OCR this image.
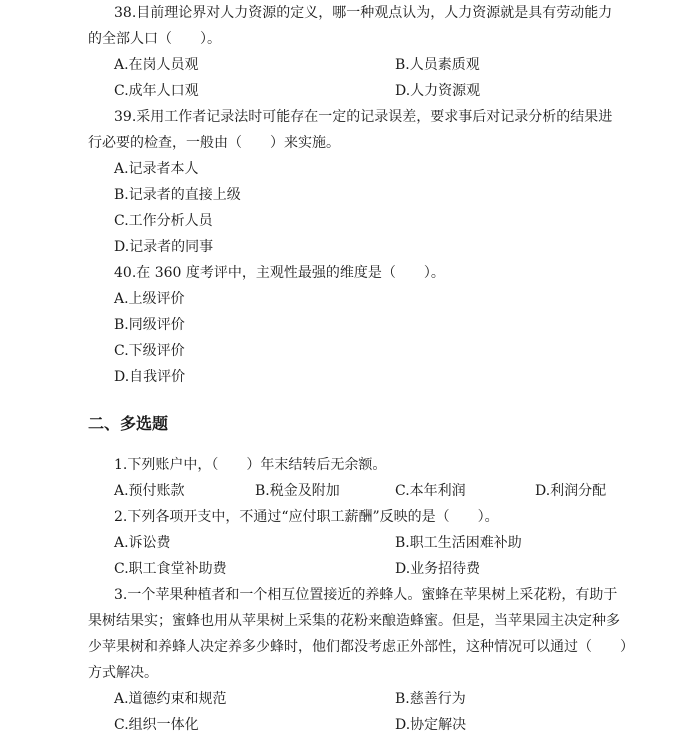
38.目前理论界对人力资源的定义，哪一种观点认为，人力资源就是具有劳动能力
的全部人口（　　）。
A.在岗人员观	B.人员素质观
C.成年人口观	D.人力资源观
39.采用工作者记录法时可能存在一定的记录误差，要求事后对记录分析的结果进
行必要的检查，一般由（　　）来实施。
A.记录者本人
B.记录者的直接上级
C.工作分析人员
D.记录者的同事
40.在 360 度考评中，主观性最强的维度是（　　）。
A.上级评价
B.同级评价
C.下级评价
D.自我评价
二、多选题
1.下列账户中，（　　）年末结转后无余额。
A.预付账款	B.税金及附加	C.本年利润	D.利润分配
2.下列各项开支中，不通过“应付职工薪酬”反映的是（　　）。
A.诉讼费	B.职工生活困难补助
C.职工食堂补助费	D.业务招待费
3.一个苹果种植者和一个相互位置接近的养蜂人。蜜蜂在苹果树上采花粉，有助于
果树结果实；蜜蜂也用从苹果树上采集的花粉来酿造蜂蜜。但是，当苹果园主决定种多
少苹果树和养蜂人决定养多少蜂时，他们都没考虑正外部性，这种情况可以通过（　　）
方式解决。
A.道德约束和规范	B.慈善行为
C.组织一体化	D.协定解决
